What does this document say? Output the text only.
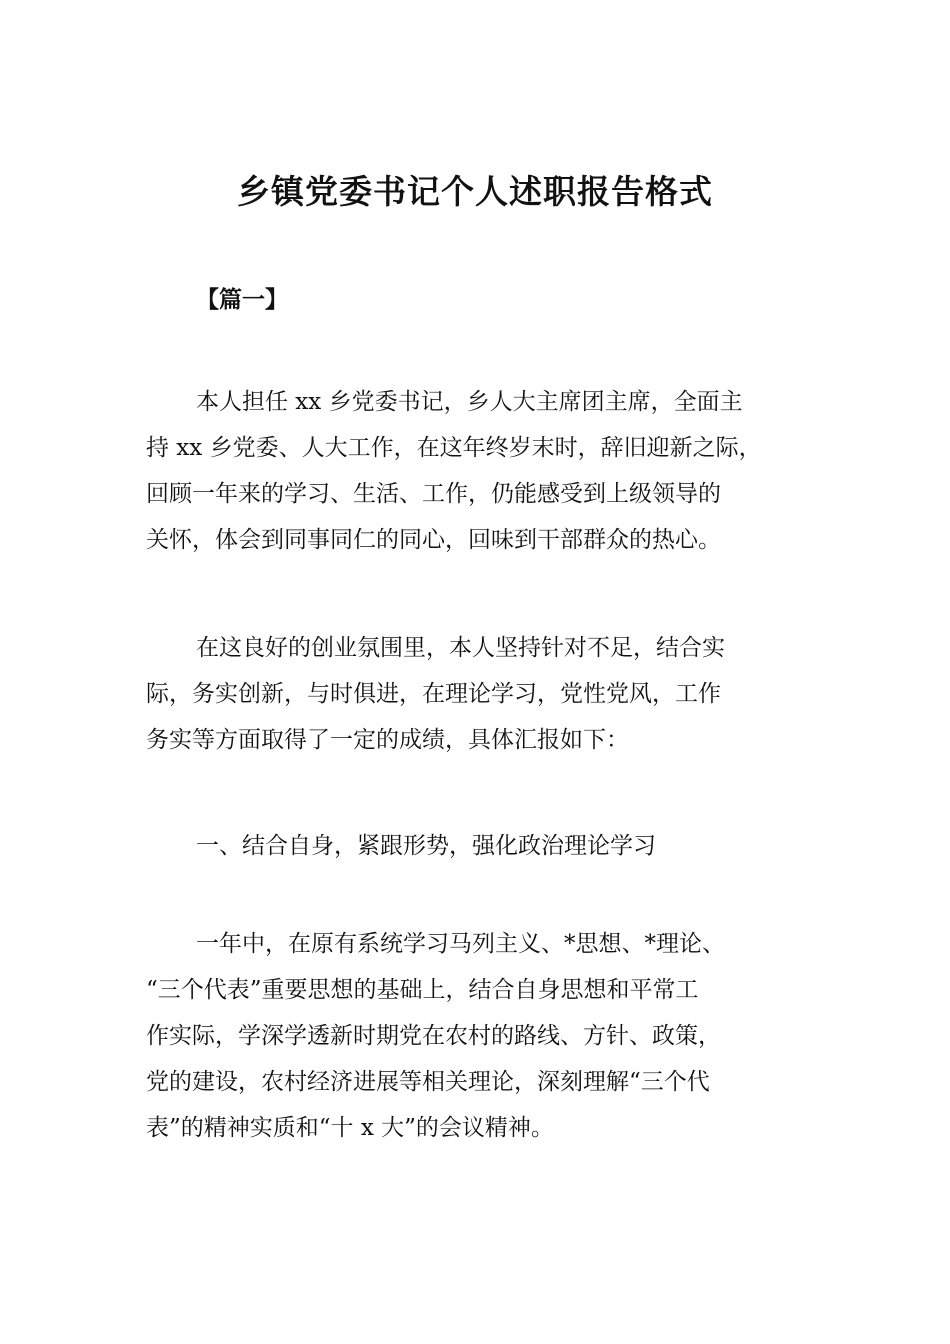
乡镇党委书记个人述职报告格式
【篇一】
本人担任 xx 乡党委书记，乡人大主席团主席，全面主
持 xx 乡党委、人大工作，在这年终岁末时，辞旧迎新之际，
回顾一年来的学习、生活、工作，仍能感受到上级领导的
关怀，体会到同事同仁的同心，回味到干部群众的热心。
在这良好的创业氛围里，本人坚持针对不足，结合实
际，务实创新，与时俱进，在理论学习，党性党风，工作
务实等方面取得了一定的成绩，具体汇报如下：
一、结合自身，紧跟形势，强化政治理论学习
一年中，在原有系统学习马列主义、*思想、*理论、
“三个代表”重要思想的基础上，结合自身思想和平常工
作实际，学深学透新时期党在农村的路线、方针、政策，
党的建设，农村经济进展等相关理论，深刻理解“三个代
表”的精神实质和“十 x 大”的会议精神。
